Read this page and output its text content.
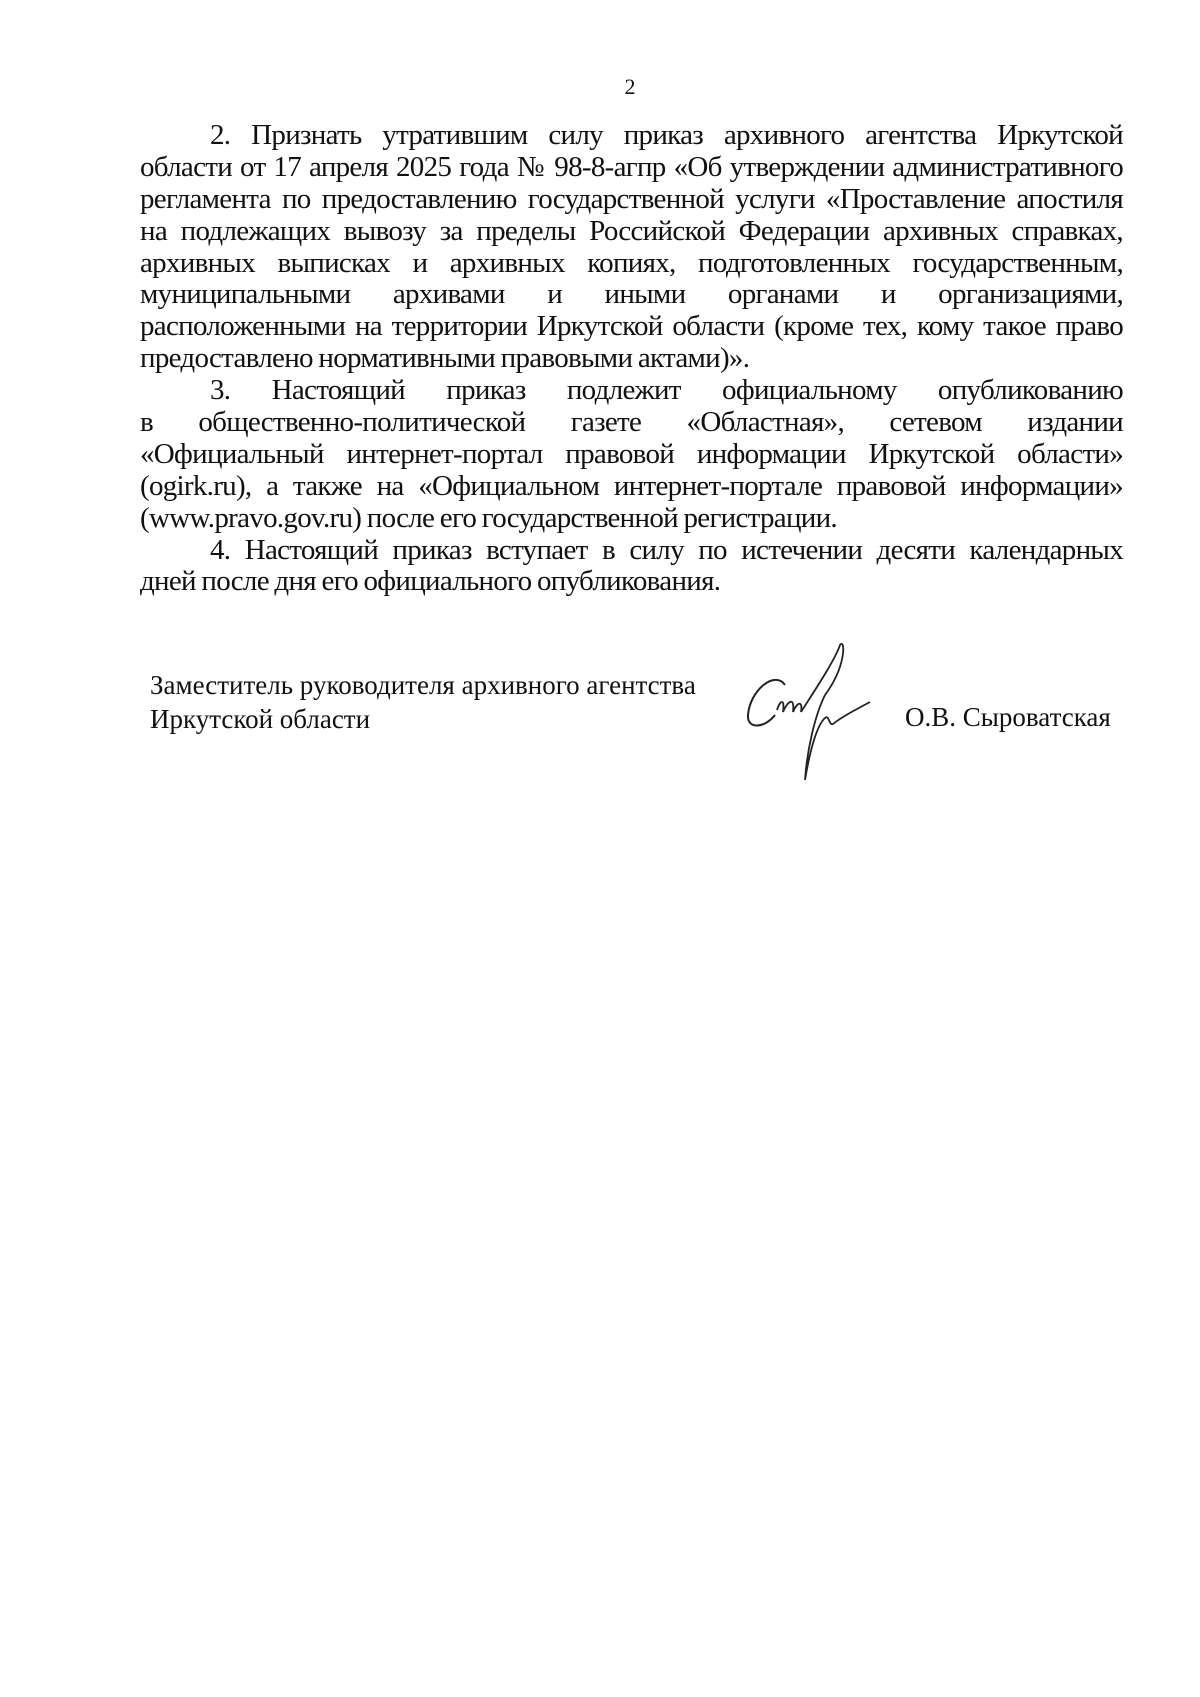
2
2. Признать утратившим силу приказ архивного агентства Иркутской
области от 17 апреля 2025 года № 98-8-агпр «Об утверждении административного
регламента по предоставлению государственной услуги «Проставление апостиля
на подлежащих вывозу за пределы Российской Федерации архивных справках,
архивных выписках и архивных копиях, подготовленных государственным,
муниципальными архивами и иными органами и организациями,
расположенными на территории Иркутской области (кроме тех, кому такое право
предоставлено нормативными правовыми актами)».
3. Настоящий приказ подлежит официальному опубликованию
в общественно-политической газете «Областная», сетевом издании
«Официальный интернет-портал правовой информации Иркутской области»
(ogirk.ru), а также на «Официальном интернет-портале правовой информации»
(www.pravo.gov.ru) после его государственной регистрации.
4. Настоящий приказ вступает в силу по истечении десяти календарных
дней после дня его официального опубликования.
Заместитель руководителя архивного агентства
Иркутской области	О.В. Сыроватская
